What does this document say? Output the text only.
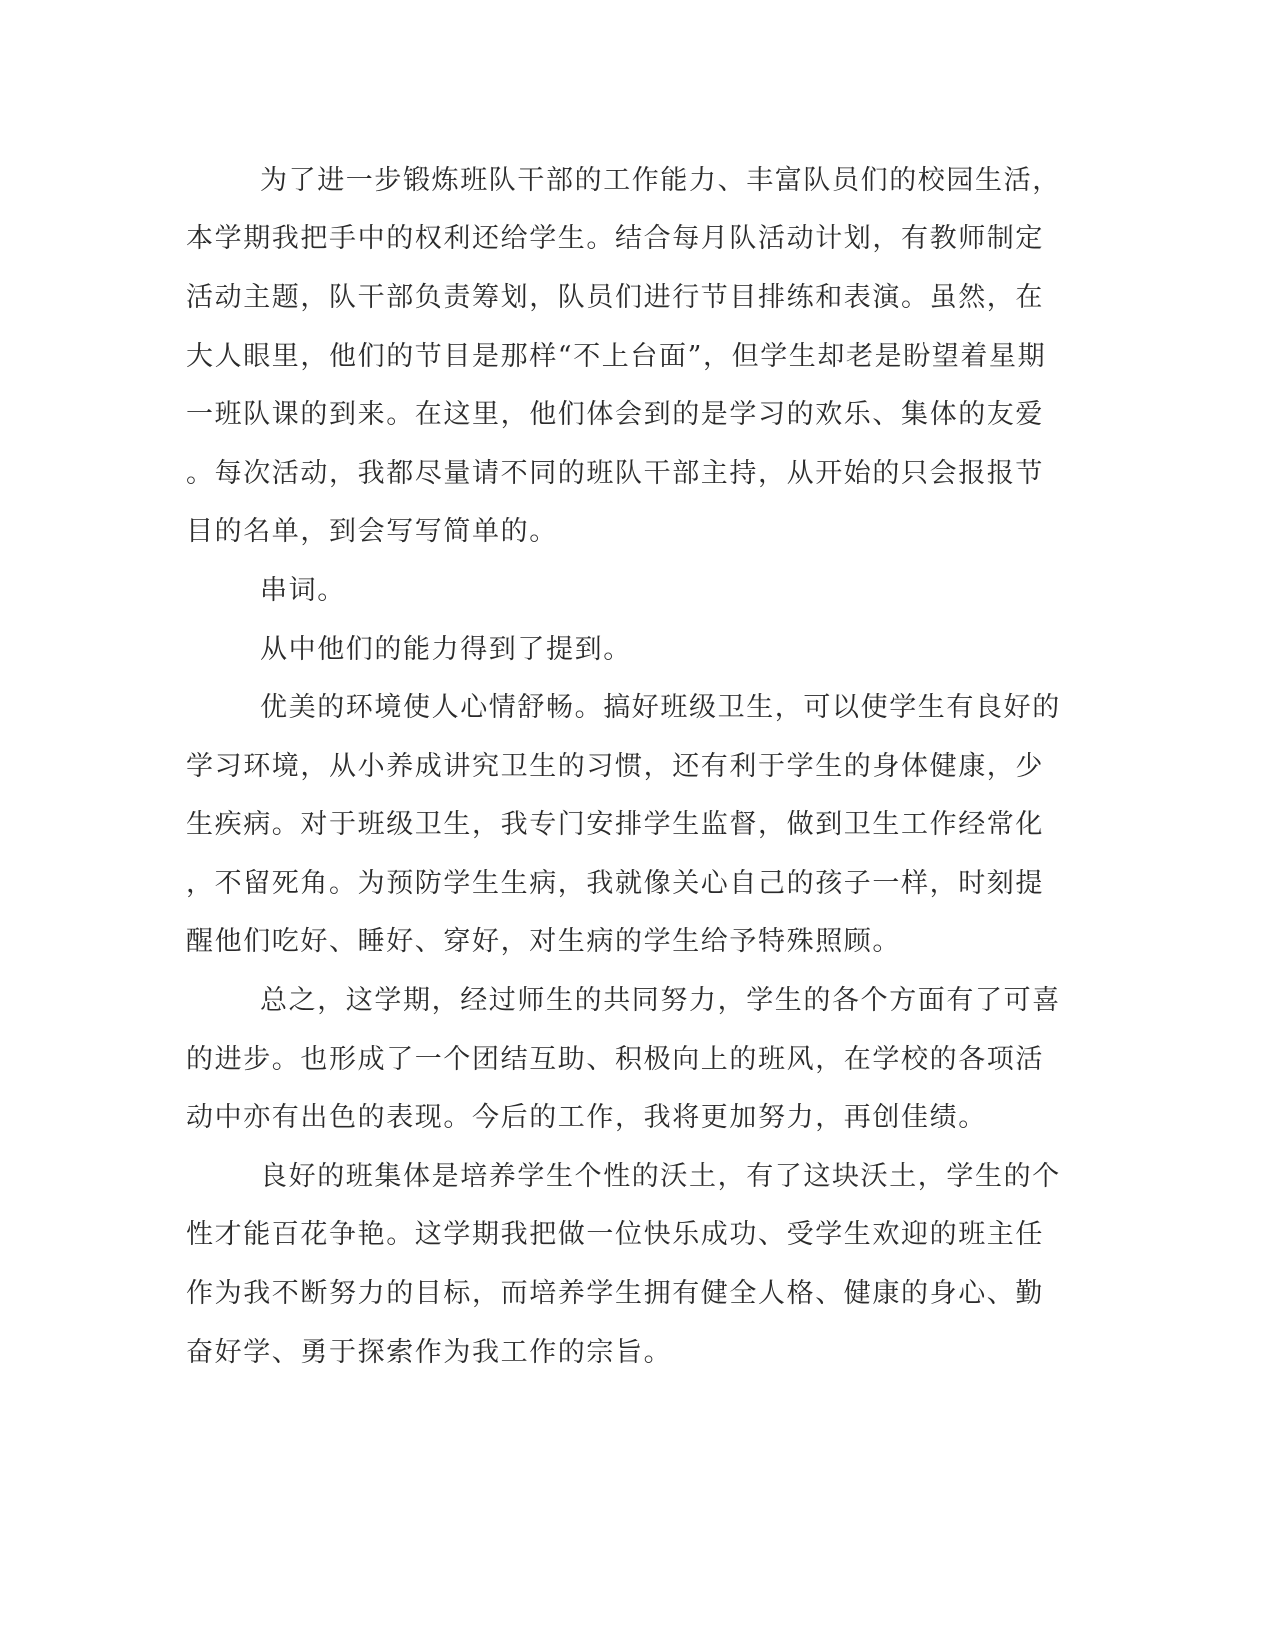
为了进一步锻炼班队干部的工作能力、丰富队员们的校园生活，
本学期我把手中的权利还给学生。结合每月队活动计划，有教师制定
活动主题，队干部负责筹划，队员们进行节目排练和表演。虽然，在
大人眼里，他们的节目是那样“不上台面”，但学生却老是盼望着星期
一班队课的到来。在这里，他们体会到的是学习的欢乐、集体的友爱
。每次活动，我都尽量请不同的班队干部主持，从开始的只会报报节
目的名单，到会写写简单的。
串词。
从中他们的能力得到了提到。
优美的环境使人心情舒畅。搞好班级卫生，可以使学生有良好的
学习环境，从小养成讲究卫生的习惯，还有利于学生的身体健康，少
生疾病。对于班级卫生，我专门安排学生监督，做到卫生工作经常化
，不留死角。为预防学生生病，我就像关心自己的孩子一样，时刻提
醒他们吃好、睡好、穿好，对生病的学生给予特殊照顾。
总之，这学期，经过师生的共同努力，学生的各个方面有了可喜
的进步。也形成了一个团结互助、积极向上的班风，在学校的各项活
动中亦有出色的表现。今后的工作，我将更加努力，再创佳绩。
良好的班集体是培养学生个性的沃土，有了这块沃土，学生的个
性才能百花争艳。这学期我把做一位快乐成功、受学生欢迎的班主任
作为我不断努力的目标，而培养学生拥有健全人格、健康的身心、勤
奋好学、勇于探索作为我工作的宗旨。
